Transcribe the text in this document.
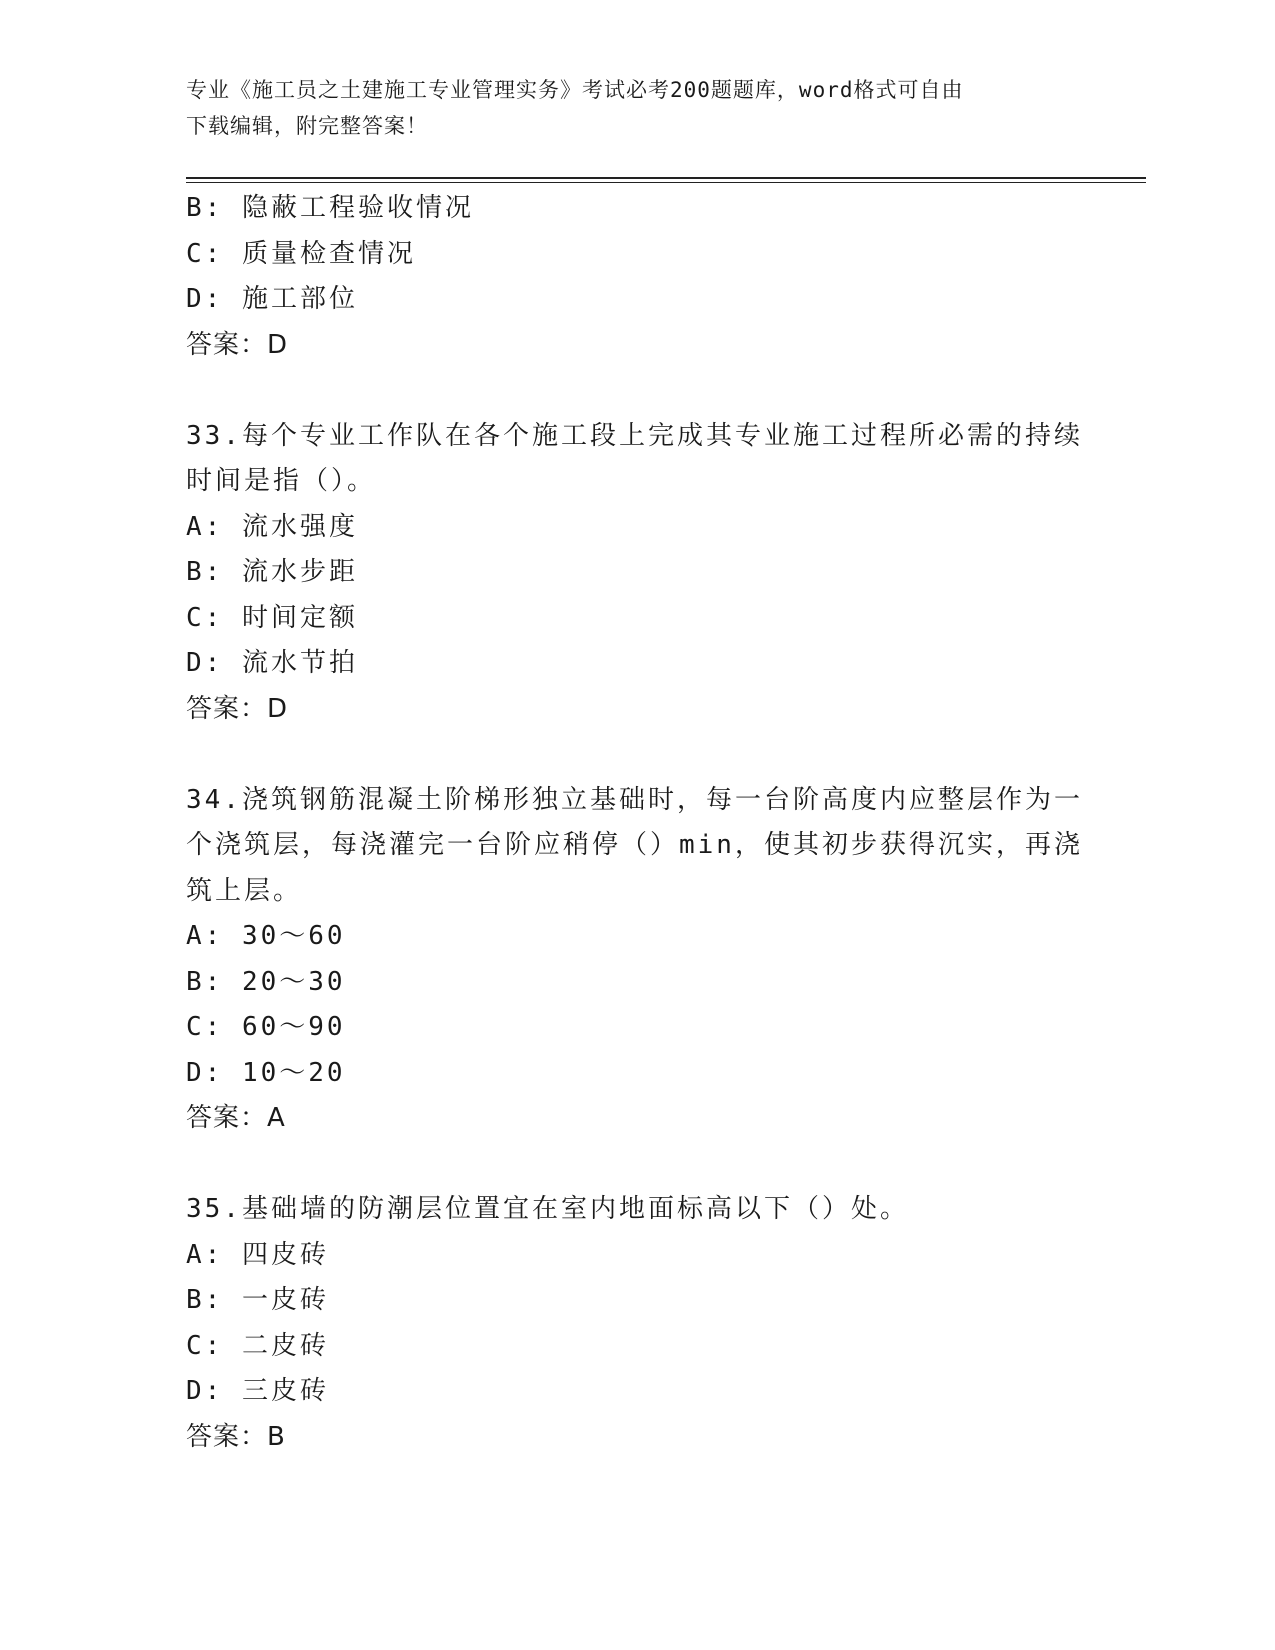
专业《施工员之土建施工专业管理实务》考试必考200题题库，word格式可自由
下载编辑，附完整答案！
B: 隐蔽工程验收情况
C: 质量检查情况
D: 施工部位
答案：D
33.每个专业工作队在各个施工段上完成其专业施工过程所必需的持续
时间是指（）。
A: 流水强度
B: 流水步距
C: 时间定额
D: 流水节拍
答案：D
34.浇筑钢筋混凝土阶梯形独立基础时，每一台阶高度内应整层作为一
个浇筑层，每浇灌完一台阶应稍停（）min，使其初步获得沉实，再浇
筑上层。
A: 30～60
B: 20～30
C: 60～90
D: 10～20
答案：A
35.基础墙的防潮层位置宜在室内地面标高以下（）处。
A: 四皮砖
B: 一皮砖
C: 二皮砖
D: 三皮砖
答案：B
